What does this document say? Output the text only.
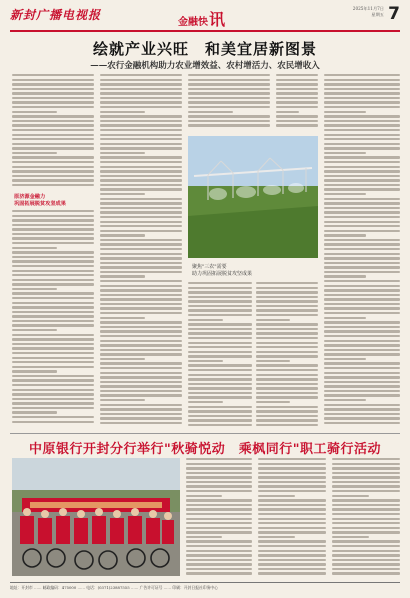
新封广播电视报
金融快讯
2025年11月7日
星期五 7
绘就产业兴旺　和美宜居新图景
——农行金融机构助力农业增效益、农村增活力、农民增收入
原济源金融力
巩固拓展脱贫攻坚成果
聚焦"三农"需要
助力巩固拓展脱贫攻坚成果
中原银行开封分行举行"秋骑悦动　乘枫同行"职工骑行活动
地址：开封市 …… 邮政编码：475000 …… 电话：(0371)23887555 …… 广告许可证号 …… 印刷：开封日报社印务中心
